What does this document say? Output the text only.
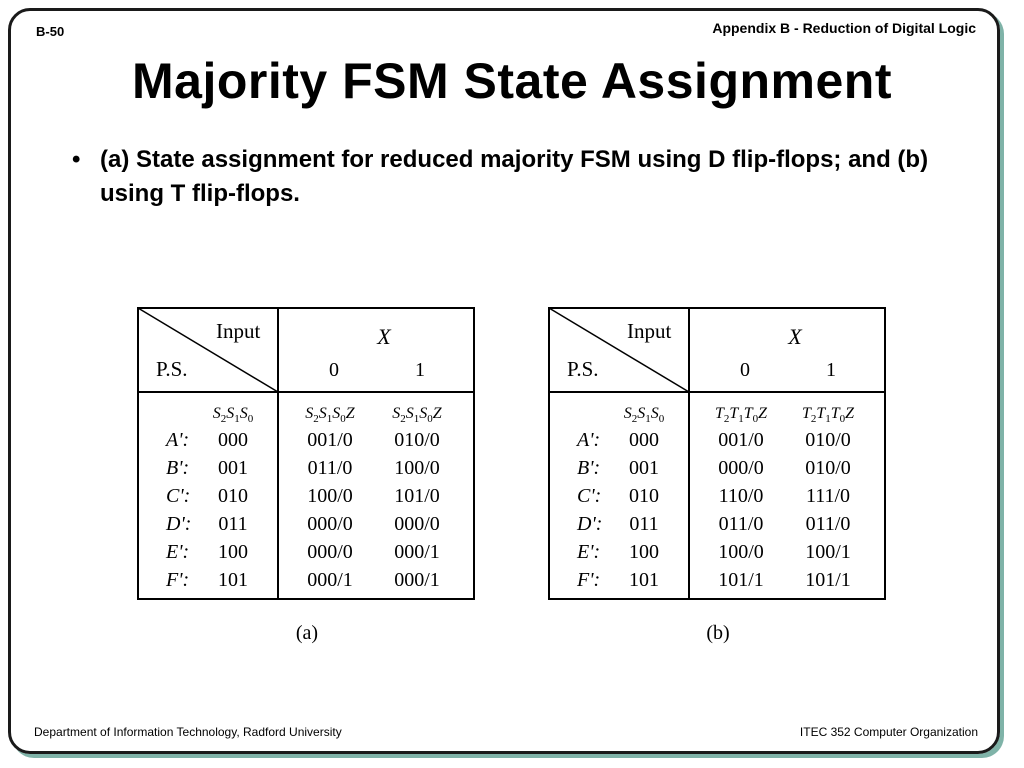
B-50	Appendix B - Reduction of Digital Logic
Majority FSM State Assignment
• (a) State assignment for reduced majority FSM using D flip-flops; and (b) using T flip-flops.
Input
P.S.
X
0	1
$S_2S_1S_0$	$S_2S_1S_0Z$ $S_2S_1S_0Z$
A': 000	001/0 010/0
B': 001	011/0 100/0
C': 010	100/0 101/0
D': 011	000/0 000/0
E': 100	000/0 000/1
F': 101	000/1 000/1
(a)
Input
P.S.
X
0	1
$S_2S_1S_0$	$T_2T_1T_0Z$ $T_2T_1T_0Z$
A': 000	001/0 010/0
B': 001	000/0 010/0
C': 010	110/0 111/0
D': 011	011/0 011/0
E': 100	100/0 100/1
F': 101	101/1 101/1
(b)
Department of Information Technology, Radford University	ITEC 352 Computer Organization
